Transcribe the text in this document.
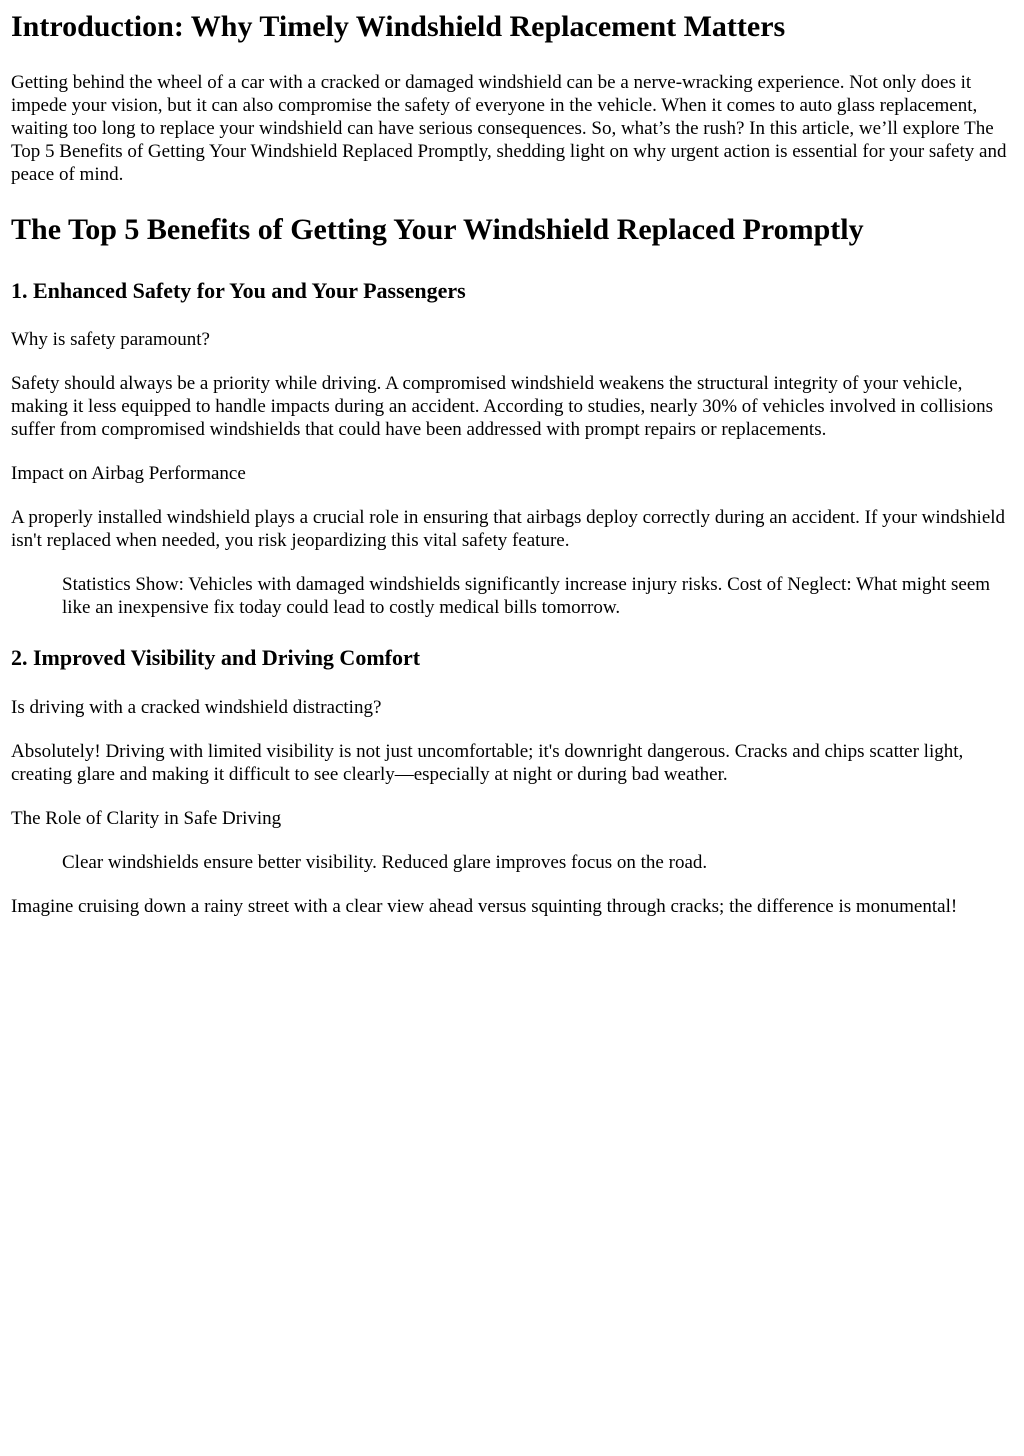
Introduction: Why Timely Windshield Replacement Matters

Getting behind the wheel of a car with a cracked or damaged windshield can be a nerve-wracking experience. Not only does it impede your vision, but it can also compromise the safety of everyone in the vehicle. When it comes to auto glass replacement, waiting too long to replace your windshield can have serious consequences. So, what’s the rush? In this article, we’ll explore The Top 5 Benefits of Getting Your Windshield Replaced Promptly, shedding light on why urgent action is essential for your safety and peace of mind.

The Top 5 Benefits of Getting Your Windshield Replaced Promptly
1. Enhanced Safety for You and Your Passengers

Why is safety paramount?

Safety should always be a priority while driving. A compromised windshield weakens the structural integrity of your vehicle, making it less equipped to handle impacts during an accident. According to studies, nearly 30% of vehicles involved in collisions suffer from compromised windshields that could have been addressed with prompt repairs or replacements.

Impact on Airbag Performance

A properly installed windshield plays a crucial role in ensuring that airbags deploy correctly during an accident. If your windshield isn't replaced when needed, you risk jeopardizing this vital safety feature.

Statistics Show: Vehicles with damaged windshields significantly increase injury risks. Cost of Neglect: What might seem like an inexpensive fix today could lead to costly medical bills tomorrow.
2. Improved Visibility and Driving Comfort

Is driving with a cracked windshield distracting?

Absolutely! Driving with limited visibility is not just uncomfortable; it's downright dangerous. Cracks and chips scatter light, creating glare and making it difficult to see clearly—especially at night or during bad weather.

The Role of Clarity in Safe Driving

Clear windshields ensure better visibility. Reduced glare improves focus on the road.

Imagine cruising down a rainy street with a clear view ahead versus squinting through cracks; the difference is monumental!
